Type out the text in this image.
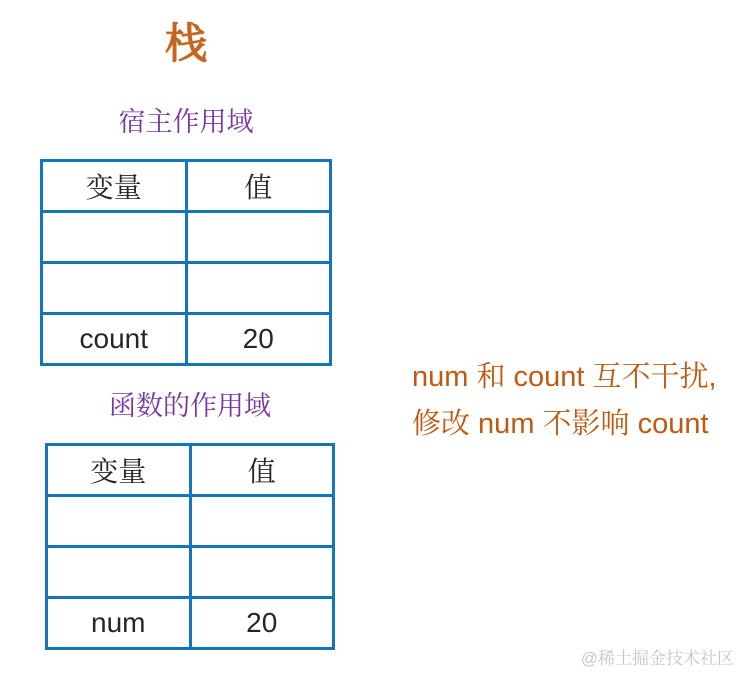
栈
宿主作用域
变量	值

count	20
函数的作用域
变量	值

num	20
num 和 count 互不干扰,
修改 num 不影响 count
@稀土掘金技术社区
